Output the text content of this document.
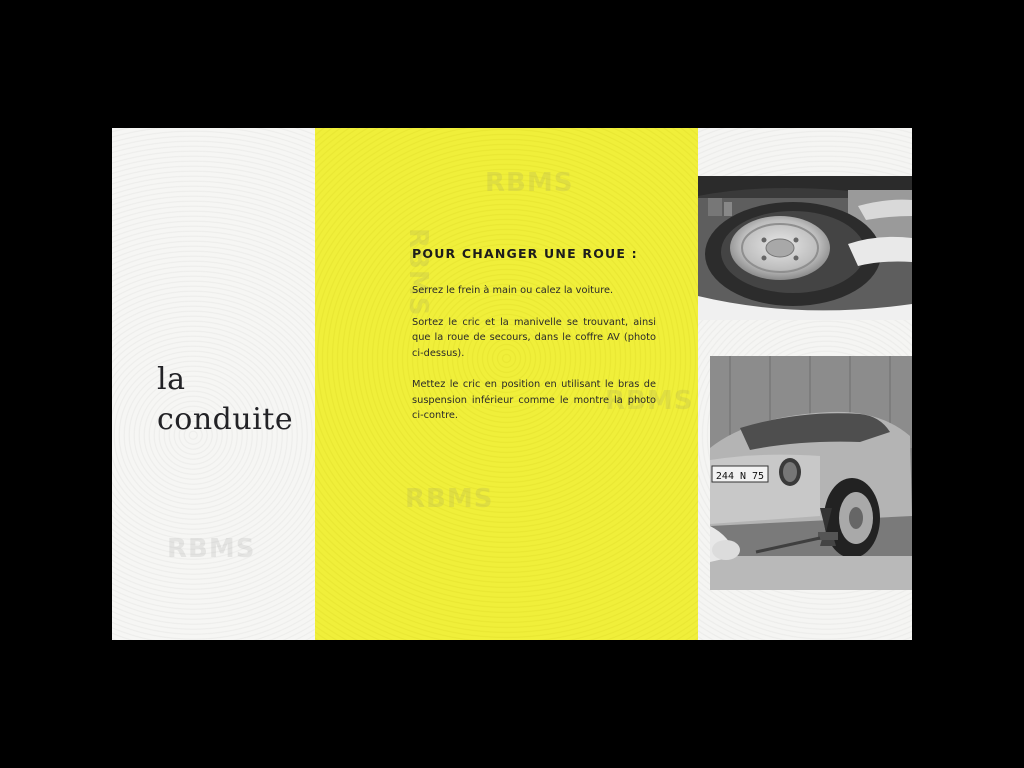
la
conduite
RBMS
RBMS
RBMS
RBMS
RBMS
POUR CHANGER UNE ROUE :

Serrez le frein à main ou calez la voiture.

Sortez le cric et la manivelle se trouvant, ainsi que la roue de secours, dans le coffre AV (photo ci-dessus).

Mettez le cric en position en utilisant le bras de suspension inférieur comme le montre la photo ci-contre.

244 N 75
